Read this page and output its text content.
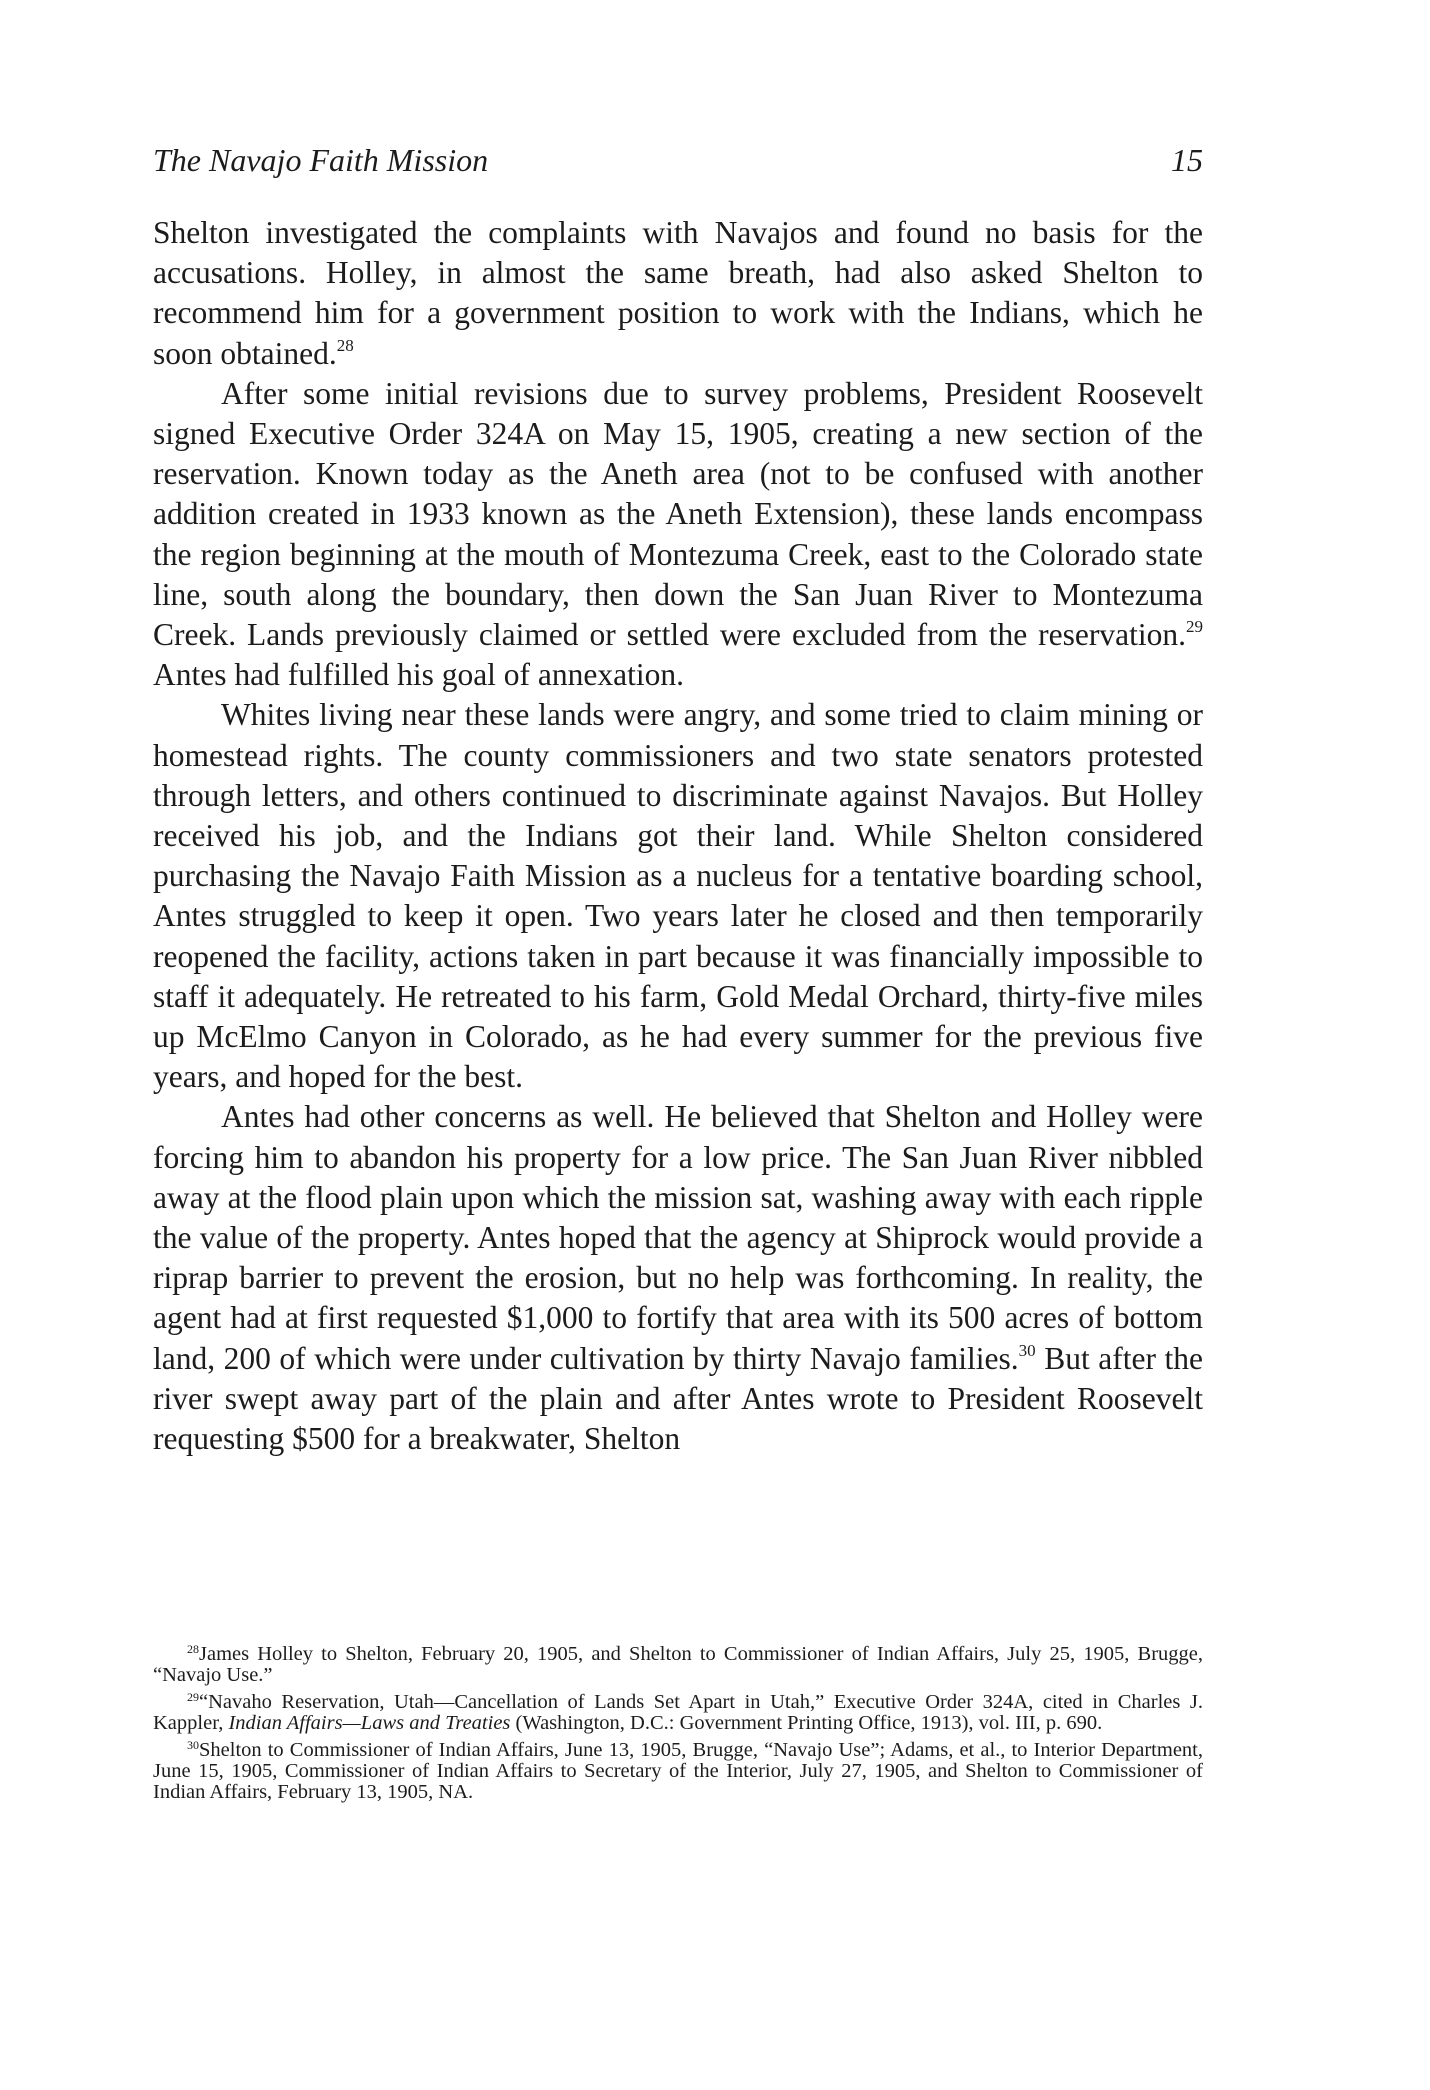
The Navajo Faith Mission	15

Shelton investigated the complaints with Navajos and found no basis for the accusations. Holley, in almost the same breath, had also asked Shelton to recommend him for a government position to work with the Indians, which he soon obtained.$^{28}$

After some initial revisions due to survey problems, President Roosevelt signed Executive Order 324A on May 15, 1905, creating a new section of the reservation. Known today as the Aneth area (not to be confused with another addition created in 1933 known as the Aneth Extension), these lands encompass the region beginning at the mouth of Montezuma Creek, east to the Colorado state line, south along the boundary, then down the San Juan River to Montezuma Creek. Lands previously claimed or settled were excluded from the reservation.$^{29}$ Antes had fulfilled his goal of annexation.

Whites living near these lands were angry, and some tried to claim mining or homestead rights. The county commissioners and two state senators protested through letters, and others continued to discriminate against Navajos. But Holley received his job, and the Indians got their land. While Shelton considered purchasing the Navajo Faith Mission as a nucleus for a tentative boarding school, Antes struggled to keep it open. Two years later he closed and then temporarily reopened the facility, actions taken in part because it was financially impossible to staff it adequately. He retreated to his farm, Gold Medal Orchard, thirty-five miles up McElmo Canyon in Colorado, as he had every summer for the previous five years, and hoped for the best.

Antes had other concerns as well. He believed that Shelton and Holley were forcing him to abandon his property for a low price. The San Juan River nibbled away at the flood plain upon which the mission sat, washing away with each ripple the value of the property. Antes hoped that the agency at Shiprock would provide a riprap barrier to prevent the erosion, but no help was forthcoming. In reality, the agent had at first requested $1,000 to fortify that area with its 500 acres of bottom land, 200 of which were under cultivation by thirty Navajo families.$^{30}$ But after the river swept away part of the plain and after Antes wrote to President Roosevelt requesting $500 for a breakwater, Shelton

$^{28}$James Holley to Shelton, February 20, 1905, and Shelton to Commissioner of Indian Affairs, July 25, 1905, Brugge, “Navajo Use.”

$^{29}$“Navaho Reservation, Utah—Cancellation of Lands Set Apart in Utah,” Executive Order 324A, cited in Charles J. Kappler, Indian Affairs—Laws and Treaties (Washington, D.C.: Government Printing Office, 1913), vol. III, p. 690.

$^{30}$Shelton to Commissioner of Indian Affairs, June 13, 1905, Brugge, “Navajo Use”; Adams, et al., to Interior Department, June 15, 1905, Commissioner of Indian Affairs to Secretary of the Interior, July 27, 1905, and Shelton to Commissioner of Indian Affairs, February 13, 1905, NA.
